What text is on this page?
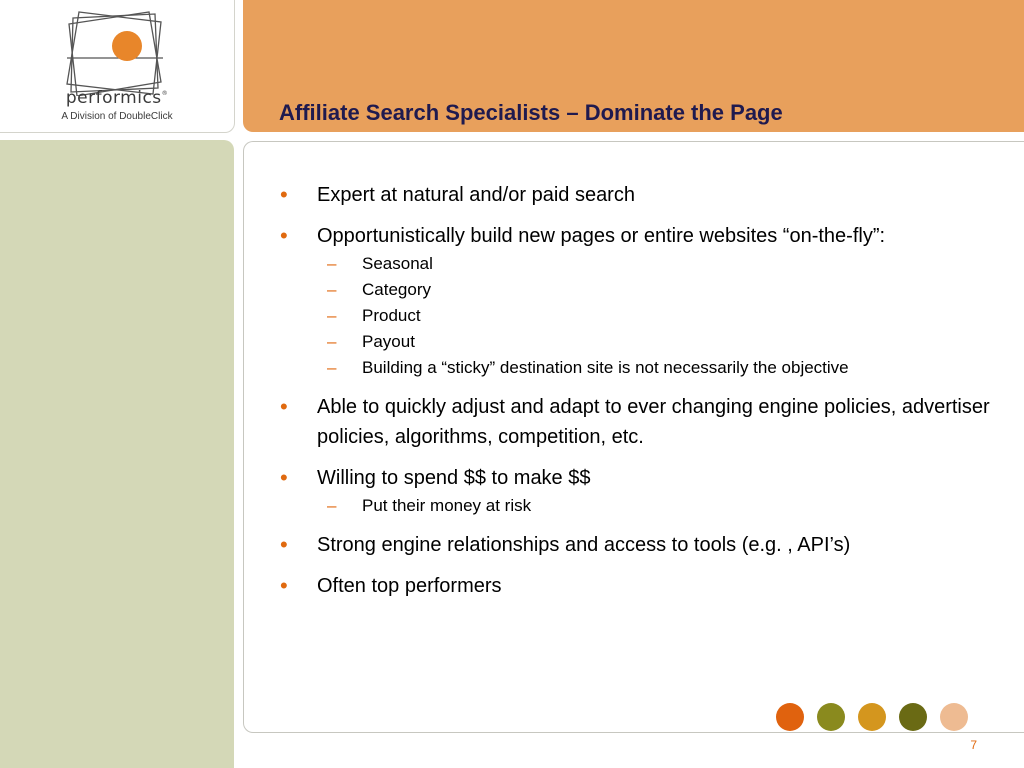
performics®
A Division of DoubleClick	Affiliate Search Specialists – Dominate the Page
• Expert at natural and/or paid search
• Opportunistically build new pages or entire websites “on-the-fly”:
– Seasonal
– Category
– Product
– Payout
– Building a “sticky” destination site is not necessarily the objective
• Able to quickly adjust and adapt to ever changing engine policies, advertiser policies, algorithms, competition, etc.
• Willing to spend $$ to make $$
– Put their money at risk
• Strong engine relationships and access to tools (e.g. , API’s)
• Often top performers
7
